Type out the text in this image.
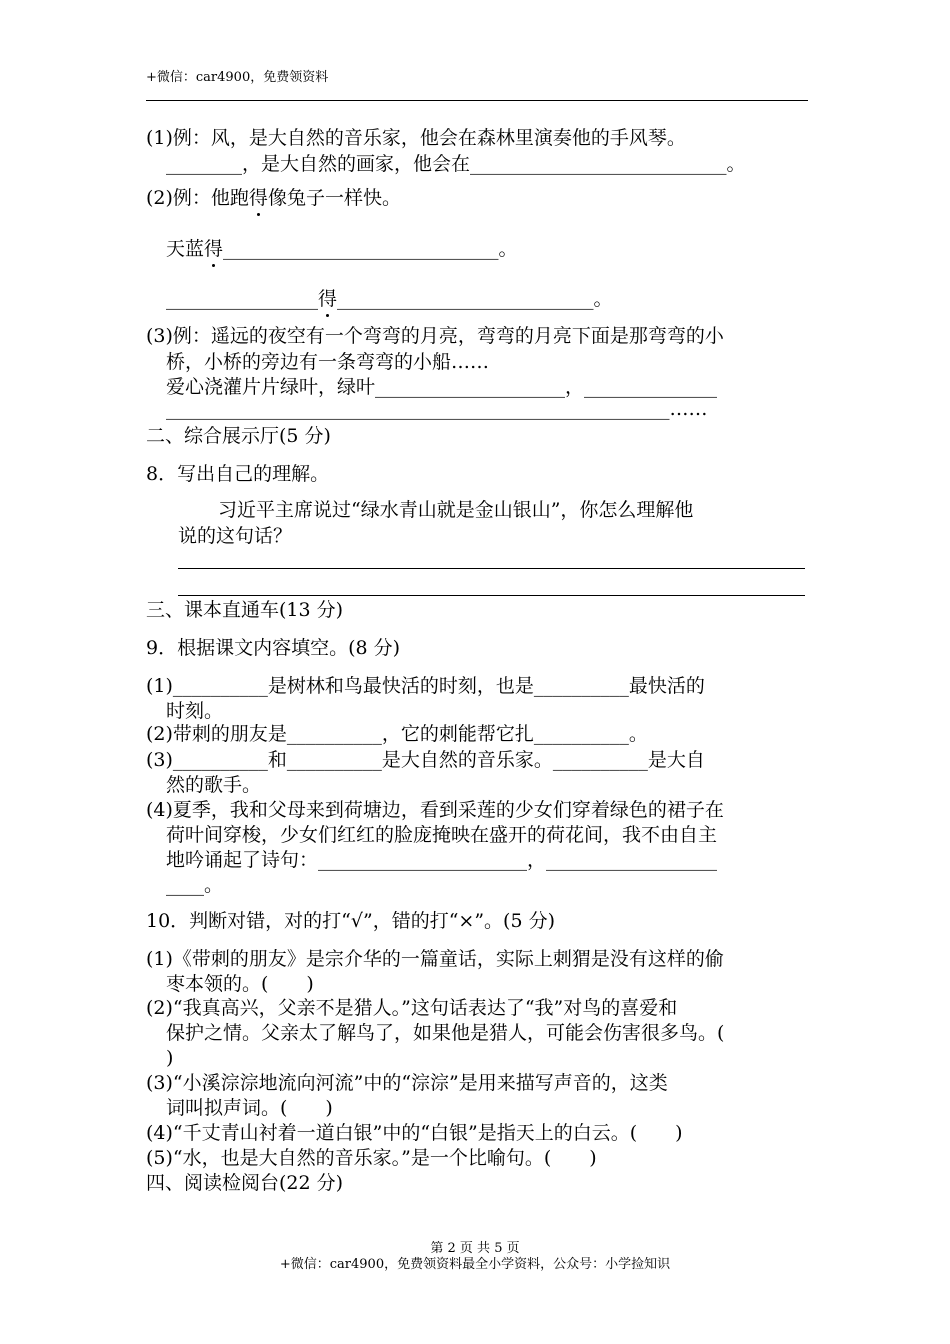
+微信：car4900，免费领资料
(1)例：风，是大自然的音乐家，他会在森林里演奏他的手风琴。
________，是大自然的画家，他会在___________________________。
(2)例：他跑得像兔子一样快。
天蓝得_____________________________。
________________得___________________________。
(3)例：遥远的夜空有一个弯弯的月亮，弯弯的月亮下面是那弯弯的小
桥，小桥的旁边有一条弯弯的小船……
爱心浇灌片片绿叶，绿叶____________________，______________
_____________________________________________________……
二、综合展示厅(5 分)
8．写出自己的理解。
习近平主席说过“绿水青山就是金山银山”，你怎么理解他
说的这句话？
三、课本直通车(13 分)
9．根据课文内容填空。(8 分)
(1)__________是树林和鸟最快活的时刻，也是__________最快活的
时刻。
(2)带刺的朋友是__________，它的刺能帮它扎__________。
(3)__________和__________是大自然的音乐家。__________是大自
然的歌手。
(4)夏季，我和父母来到荷塘边，看到采莲的少女们穿着绿色的裙子在
荷叶间穿梭，少女们红红的脸庞掩映在盛开的荷花间，我不由自主
地吟诵起了诗句：______________________，__________________
____。
10．判断对错，对的打“√”，错的打“×”。(5 分)
(1)《带刺的朋友》是宗介华的一篇童话，实际上刺猬是没有这样的偷
枣本领的。(　　)
(2)“我真高兴，父亲不是猎人。”这句话表达了“我”对鸟的喜爱和
保护之情。父亲太了解鸟了，如果他是猎人，可能会伤害很多鸟。(
)
(3)“小溪淙淙地流向河流”中的“淙淙”是用来描写声音的，这类
词叫拟声词。(　　)
(4)“千丈青山衬着一道白银”中的“白银”是指天上的白云。(　　)
(5)“水，也是大自然的音乐家。”是一个比喻句。(　　)
四、阅读检阅台(22 分)
第 2 页 共 5 页
+微信：car4900，免费领资料最全小学资料，公众号：小学捡知识
